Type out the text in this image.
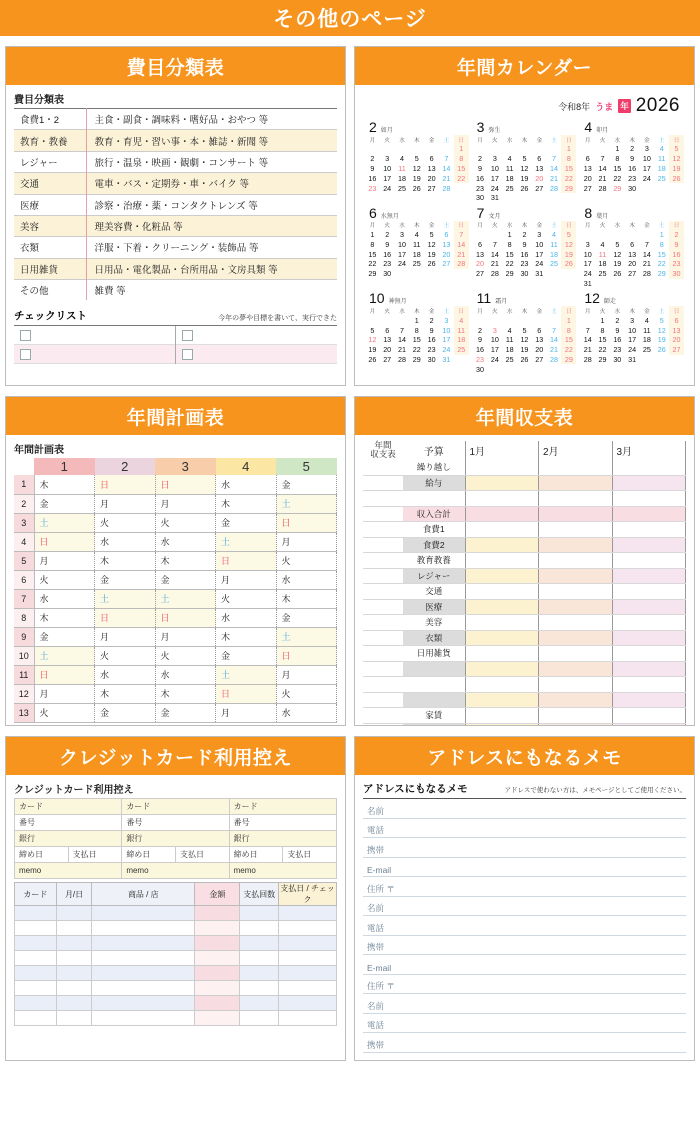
その他のページ
費目分類表
費目分類表
食費1・2	主食・副食・調味料・嗜好品・おやつ 等
教育・教養	教育・育児・習い事・本・雑誌・新聞 等
レジャー	旅行・温泉・映画・観劇・コンサート 等
交通	電車・バス・定期券・車・バイク 等
医療	診察・治療・薬・コンタクトレンズ 等
美容	理美容費・化粧品 等
衣類	洋服・下着・クリーニング・装飾品 等
日用雑貨	日用品・電化製品・台所用品・文房具類 等
その他	雑費 等
チェックリスト	今年の夢や目標を書いて、実行できた
年間カレンダー
令和8年 うま 年 2026
2 如月
月	火	水	木	金	土	日
						1
2	3	4	5	6	7	8
9	10	11	12	13	14	15
16	17	18	19	20	21	22
23	24	25	26	27	28	
3 弥生
月	火	水	木	金	土	日
						1
2	3	4	5	6	7	8
9	10	11	12	13	14	15
16	17	18	19	20	21	22
23	24	25	26	27	28	29
30	31					
4 卯月
月	火	水	木	金	土	日
		1	2	3	4	5
6	7	8	9	10	11	12
13	14	15	16	17	18	19
20	21	22	23	24	25	26
27	28	29	30			
6 水無月
月	火	水	木	金	土	日
1	2	3	4	5	6	7
8	9	10	11	12	13	14
15	16	17	18	19	20	21
22	23	24	25	26	27	28
29	30					
7 文月
月	火	水	木	金	土	日
		1	2	3	4	5
6	7	8	9	10	11	12
13	14	15	16	17	18	19
20	21	22	23	24	25	26
27	28	29	30	31		
8 葉月
月	火	水	木	金	土	日
					1	2
3	4	5	6	7	8	9
10	11	12	13	14	15	16
17	18	19	20	21	22	23
24	25	26	27	28	29	30
31						
10 神無月
月	火	水	木	金	土	日
			1	2	3	4
5	6	7	8	9	10	11
12	13	14	15	16	17	18
19	20	21	22	23	24	25
26	27	28	29	30	31	
11 霜月
月	火	水	木	金	土	日
						1
2	3	4	5	6	7	8
9	10	11	12	13	14	15
16	17	18	19	20	21	22
23	24	25	26	27	28	29
30						
12 師走
月	火	水	木	金	土	日
	1	2	3	4	5	6
7	8	9	10	11	12	13
14	15	16	17	18	19	20
21	22	23	24	25	26	27
28	29	30	31			
年間計画表
年間計画表
	1	2	3	4	5
1	木	日	日	水	金
2	金	月	月	木	土
3	土	火	火	金	日
4	日	水	水	土	月
5	月	木	木	日	火
6	火	金	金	月	水
7	水	土	土	火	木
8	木	日	日	水	金
9	金	月	月	木	土
10	土	火	火	金	日
11	日	水	水	土	月
12	月	木	木	日	火
13	火	金	金	月	水
年間収支表
年間
収支表	予算	1月	2月	3月
	繰り越し			
	給与			

	収入合計			
	食費1			
	食費2			
	教育教養			
	レジャー			
	交通			
	医療			
	美容			
	衣類			
	日用雑貨			

	家賃			

クレジットカード利用控え
クレジットカード利用控え
カード		カード		カード	
番号		番号		番号	
銀行		銀行		銀行	
締め日	支払日	締め日	支払日	締め日	支払日
memo		memo		memo	
カード	月/日	商品 / 店	金額	支払回数	支払日 / チェック

アドレスにもなるメモ
アドレスにもなるメモ	アドレスで使わない方は、メモページとしてご使用ください。
名前
電話
携帯
E-mail
住所 〒
名前
電話
携帯
E-mail
住所 〒
名前
電話
携帯
